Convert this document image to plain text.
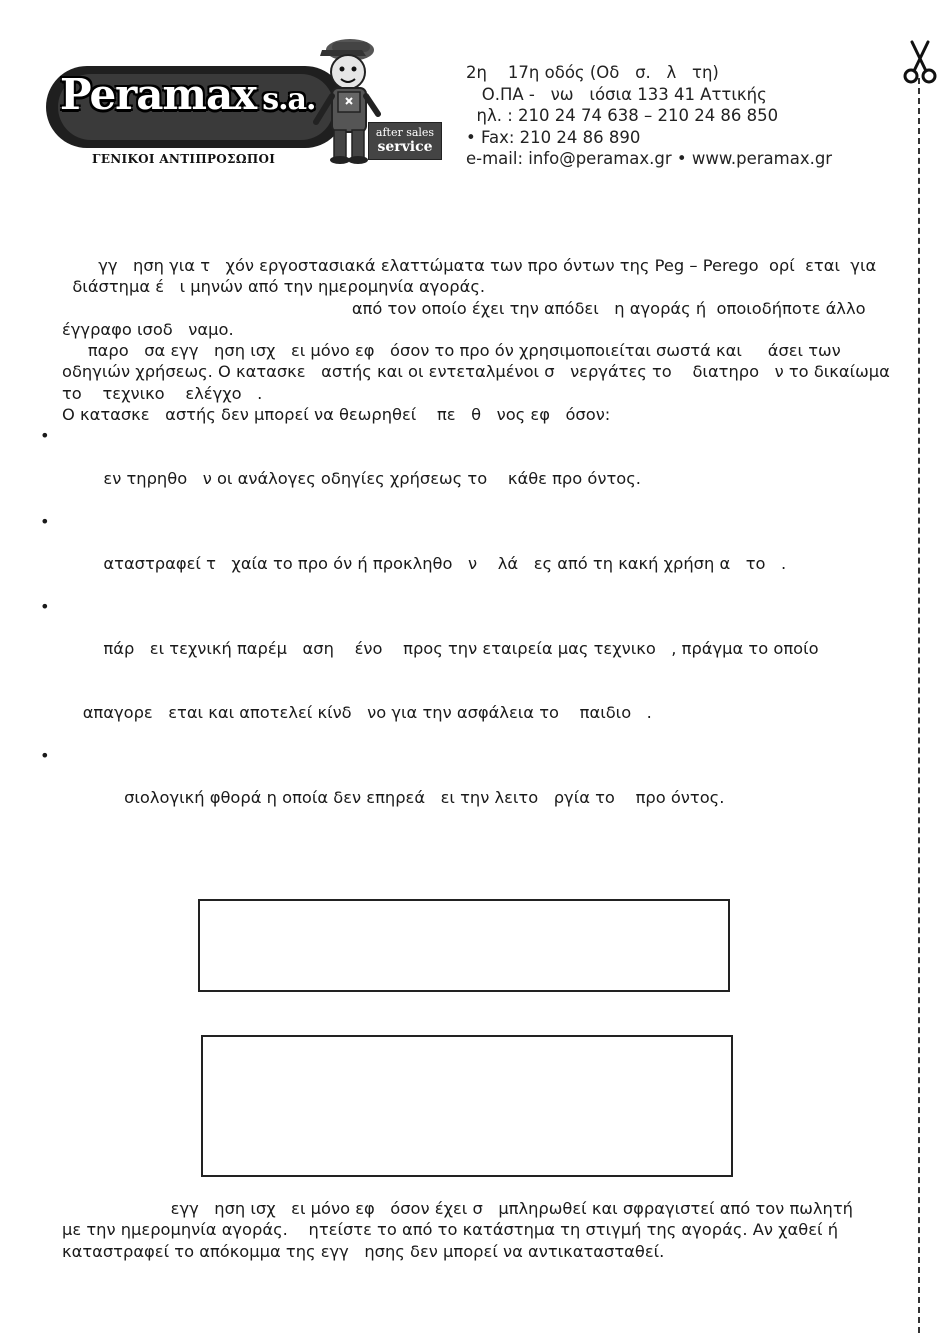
Peramax s.a.
after sales
service
ΓΕΝΙΚΟΙ ΑΝΤΙΠΡΟΣΩΠΟΙ
2η    17η οδός (Οδ   σ.   λ   τη)
Ο.ΠΑ -   νω   ιόσια 133 41 Αττικής
ηλ. : 210 24 74 638 – 210 24 86 850
• Fax: 210 24 86 890
e-mail: info@peramax.gr • www.peramax.gr

γγ   ηση για τ   χόν εργοστασιακά ελαττώματα των προ όντων της Peg – Perego  ορί  εται  για

διάστημα έ   ι μηνών από την ημερομηνία αγοράς.

από τον οποίο έχει την απόδει   η αγοράς ή  οποιοδήποτε άλλο

έγγραφο ισοδ   ναμο.

παρο   σα εγγ   ηση ισχ   ει μόνο εφ   όσον το προ όν χρησιμοποιείται σωστά και     άσει των

οδηγιών χρήσεως. Ο κατασκε   αστής και οι εντεταλμένοι σ   νεργάτες το    διατηρο   ν το δικαίωμα

το    τεχνικο    ελέγχο   .

Ο κατασκε   αστής δεν μπορεί να θεωρηθεί    πε   θ   νος εφ   όσον:

•

εν τηρηθο   ν οι ανάλογες οδηγίες χρήσεως το    κάθε προ όντος.

•

αταστραφεί τ   χαία το προ όν ή προκληθο   ν    λά   ες από τη κακή χρήση α   το   .

•

πάρ   ει τεχνική παρέμ   αση    ένο    προς την εταιρεία μας τεχνικο   , πράγμα το οποίο

απαγορε   εται και αποτελεί κίνδ   νο για την ασφάλεια το    παιδιο   .

•

σιολογική φθορά η οποία δεν επηρεά   ει την λειτο   ργία το    προ όντος.

εγγ   ηση ισχ   ει μόνο εφ   όσον έχει σ   μπληρωθεί και σφραγιστεί από τον πωλητή

με την ημερομηνία αγοράς.    ητείστε το από το κατάστημα τη στιγμή της αγοράς. Αν χαθεί ή

καταστραφεί το απόκομμα της εγγ   ησης δεν μπορεί να αντικατασταθεί.
